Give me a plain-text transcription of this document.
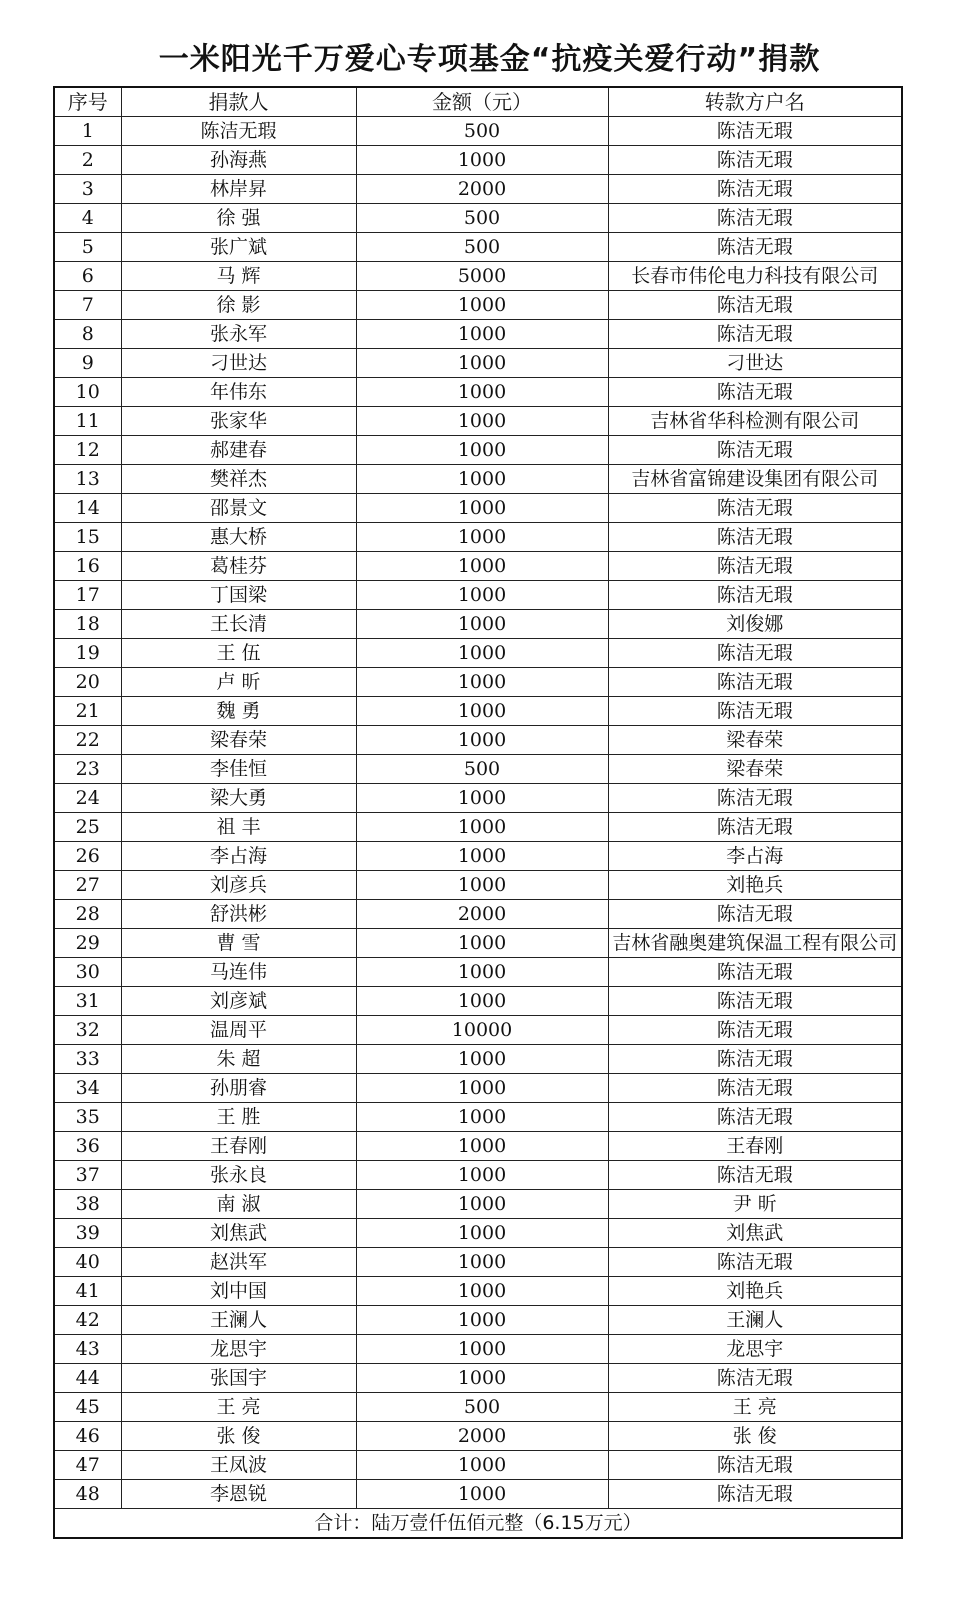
一米阳光千万爱心专项基金“抗疫关爱行动”捐款
序号	捐款人	金额（元）	转款方户名
1	陈洁无瑕	500	陈洁无瑕
2	孙海燕	1000	陈洁无瑕
3	林岸昇	2000	陈洁无瑕
4	徐 强	500	陈洁无瑕
5	张广斌	500	陈洁无瑕
6	马 辉	5000	长春市伟伦电力科技有限公司
7	徐 影	1000	陈洁无瑕
8	张永军	1000	陈洁无瑕
9	刁世达	1000	刁世达
10	年伟东	1000	陈洁无瑕
11	张家华	1000	吉林省华科检测有限公司
12	郝建春	1000	陈洁无瑕
13	樊祥杰	1000	吉林省富锦建设集团有限公司
14	邵景文	1000	陈洁无瑕
15	惠大桥	1000	陈洁无瑕
16	葛桂芬	1000	陈洁无瑕
17	丁国梁	1000	陈洁无瑕
18	王长清	1000	刘俊娜
19	王 伍	1000	陈洁无瑕
20	卢 昕	1000	陈洁无瑕
21	魏 勇	1000	陈洁无瑕
22	梁春荣	1000	梁春荣
23	李佳恒	500	梁春荣
24	梁大勇	1000	陈洁无瑕
25	祖 丰	1000	陈洁无瑕
26	李占海	1000	李占海
27	刘彦兵	1000	刘艳兵
28	舒洪彬	2000	陈洁无瑕
29	曹 雪	1000	吉林省融奥建筑保温工程有限公司
30	马连伟	1000	陈洁无瑕
31	刘彦斌	1000	陈洁无瑕
32	温周平	10000	陈洁无瑕
33	朱 超	1000	陈洁无瑕
34	孙朋睿	1000	陈洁无瑕
35	王 胜	1000	陈洁无瑕
36	王春刚	1000	王春刚
37	张永良	1000	陈洁无瑕
38	南 淑	1000	尹 昕
39	刘焦武	1000	刘焦武
40	赵洪军	1000	陈洁无瑕
41	刘中国	1000	刘艳兵
42	王澜人	1000	王澜人
43	龙思宇	1000	龙思宇
44	张国宇	1000	陈洁无瑕
45	王 亮	500	王 亮
46	张 俊	2000	张 俊
47	王凤波	1000	陈洁无瑕
48	李恩锐	1000	陈洁无瑕
合计：陆万壹仟伍佰元整（6.15万元）			
